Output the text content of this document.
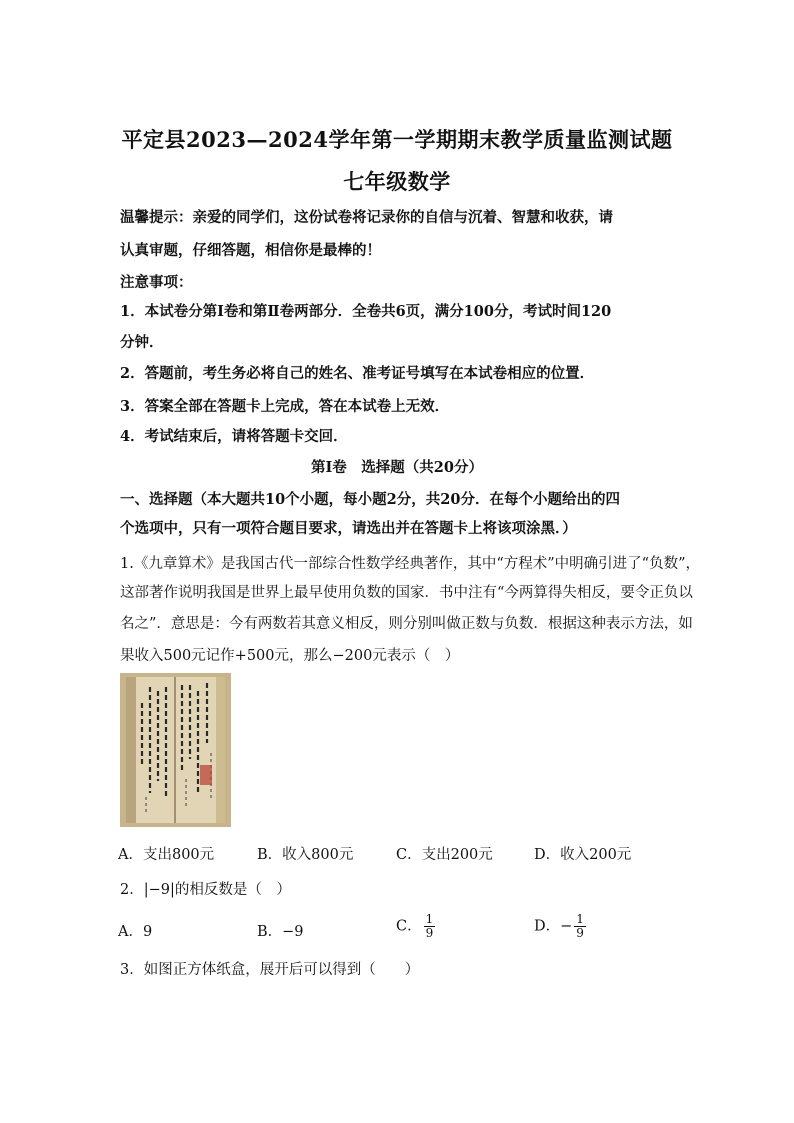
平定县2023—2024学年第一学期期末教学质量监测试题
七年级数学
温馨提示：亲爱的同学们，这份试卷将记录你的自信与沉着、智慧和收获，请
认真审题，仔细答题，相信你是最棒的！
注意事项：
1．本试卷分第Ⅰ卷和第Ⅱ卷两部分．全卷共6页，满分100分，考试时间120
分钟．
2．答题前，考生务必将自己的姓名、准考证号填写在本试卷相应的位置．
3．答案全部在答题卡上完成，答在本试卷上无效．
4．考试结束后，请将答题卡交回．
第Ⅰ卷　选择题（共20分）
一、选择题（本大题共10个小题，每小题2分，共20分．在每个小题给出的四
个选项中，只有一项符合题目要求，请选出并在答题卡上将该项涂黑．）
1.《九章算术》是我国古代一部综合性数学经典著作，其中“方程术”中明确引进了“负数”，
这部著作说明我国是世界上最早使用负数的国家．书中注有“今两算得失相反，要令正负以
名之”．意思是：今有两数若其意义相反，则分别叫做正数与负数．根据这种表示方法，如
果收入500元记作+500元，那么−200元表示（　）
A．支出800元	B．收入800元	C．支出200元	D．收入200元
2．|−9|的相反数是（　）
A．9	B．−9	C． $\frac{1}{9}$	D．− $\frac{1}{9}$
3．如图正方体纸盒，展开后可以得到（　　）
